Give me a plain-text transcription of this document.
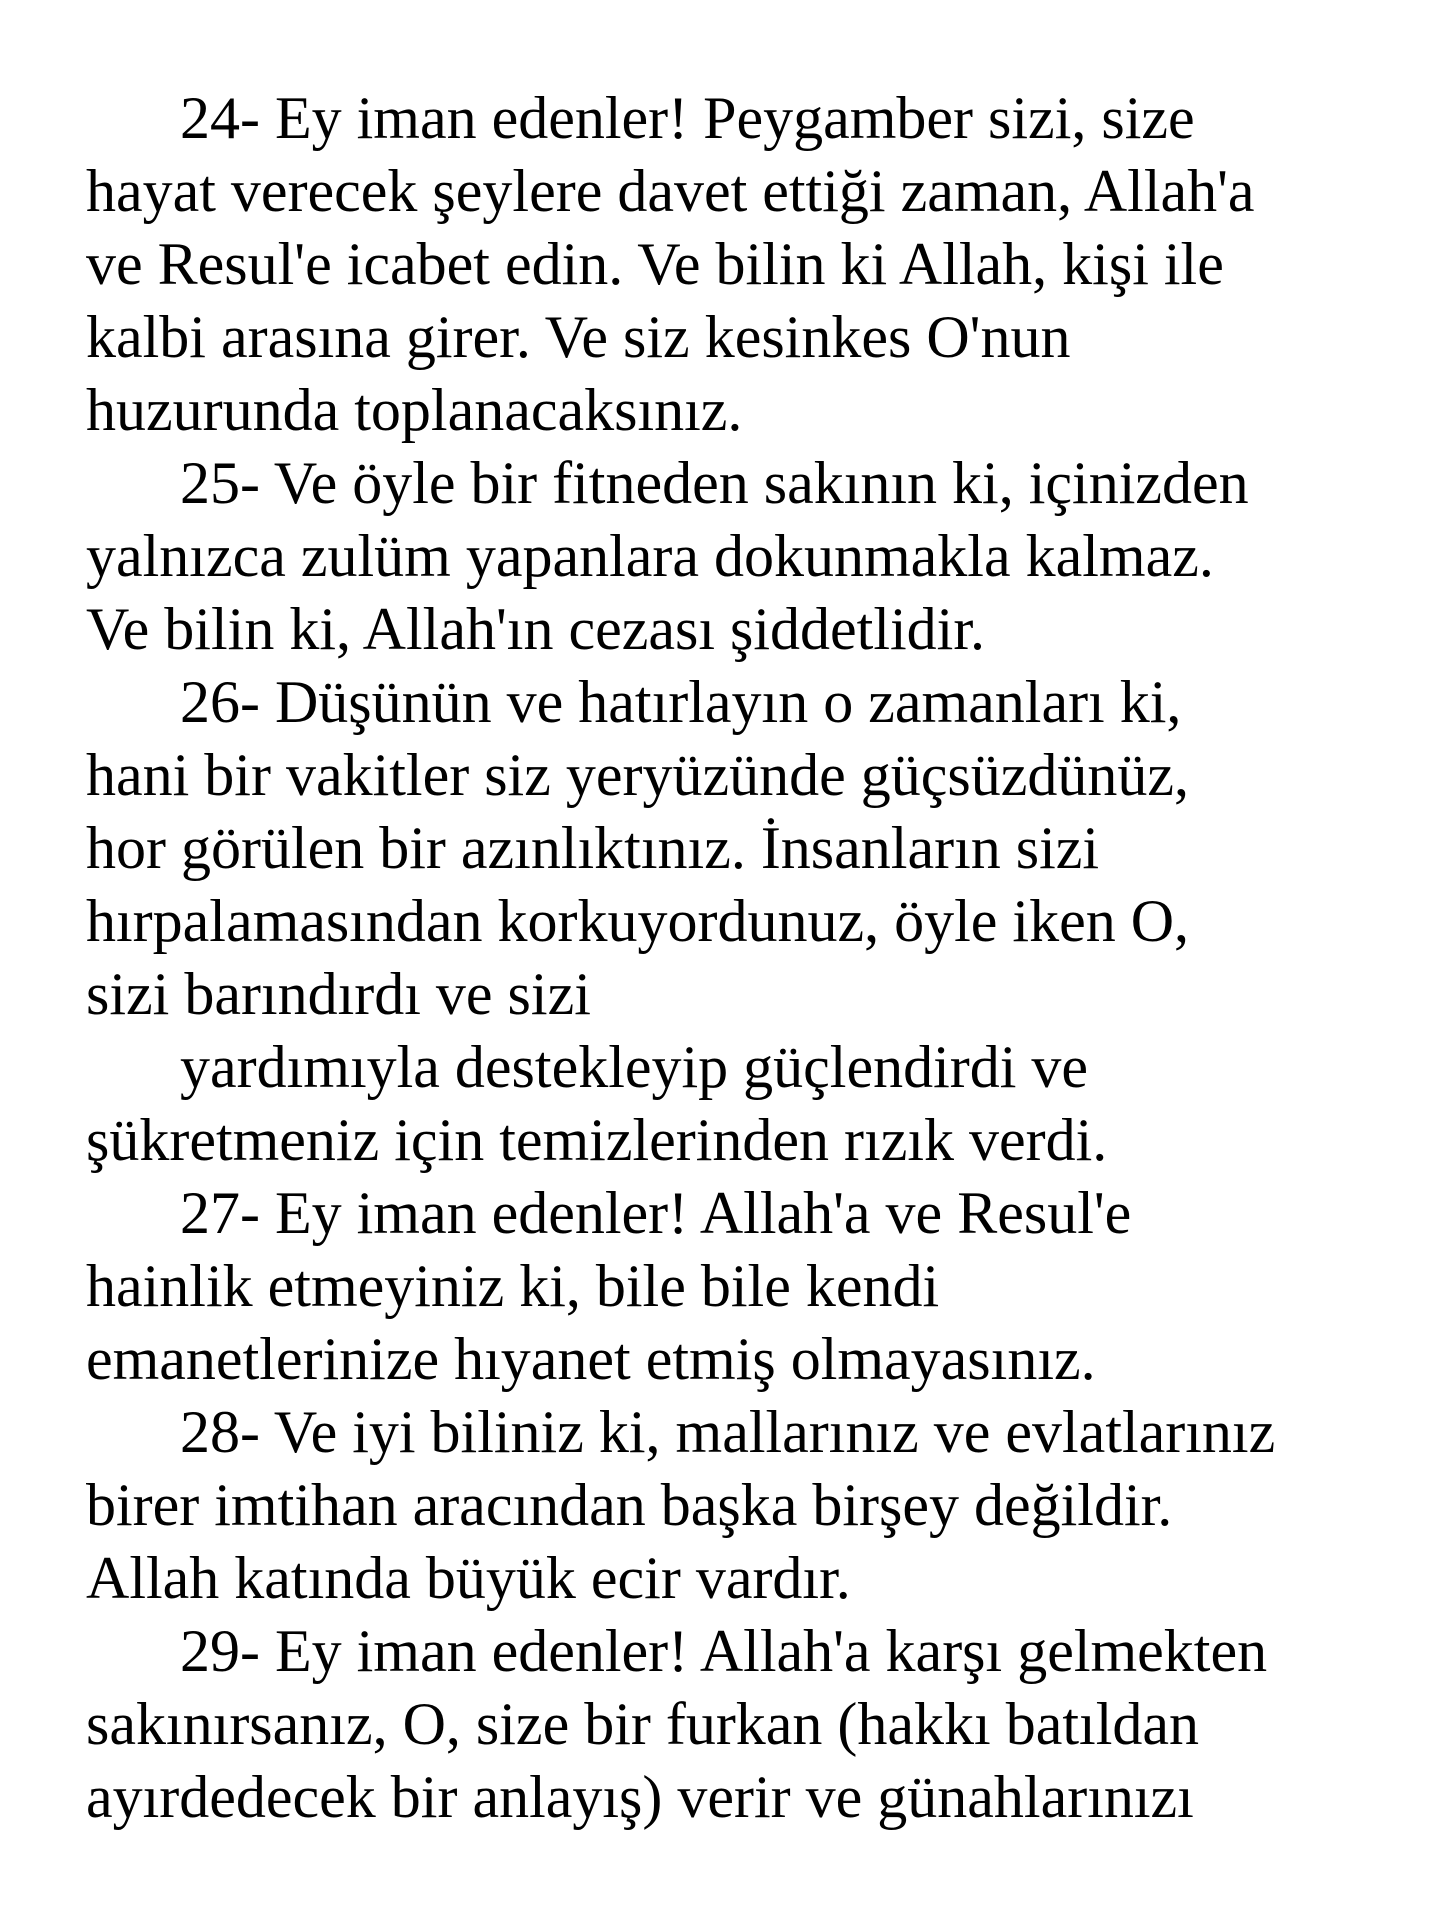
24- Ey iman edenler! Peygamber sizi, size
hayat verecek şeylere davet ettiği zaman, Allah'a
ve Resul'e icabet edin. Ve bilin ki Allah, kişi ile
kalbi arasına girer. Ve siz kesinkes O'nun
huzurunda toplanacaksınız.

25- Ve öyle bir fitneden sakının ki, içinizden
yalnızca zulüm yapanlara dokunmakla kalmaz.
Ve bilin ki, Allah'ın cezası şiddetlidir.

26- Düşünün ve hatırlayın o zamanları ki,
hani bir vakitler siz yeryüzünde güçsüzdünüz,
hor görülen bir azınlıktınız. İnsanların sizi
hırpalamasından korkuyordunuz, öyle iken O,
sizi barındırdı ve sizi

yardımıyla destekleyip güçlendirdi ve
şükretmeniz için temizlerinden rızık verdi.

27- Ey iman edenler! Allah'a ve Resul'e
hainlik etmeyiniz ki, bile bile kendi
emanetlerinize hıyanet etmiş olmayasınız.

28- Ve iyi biliniz ki, mallarınız ve evlatlarınız
birer imtihan aracından başka birşey değildir.
Allah katında büyük ecir vardır.

29- Ey iman edenler! Allah'a karşı gelmekten
sakınırsanız, O, size bir furkan (hakkı batıldan
ayırdedecek bir anlayış) verir ve günahlarınızı
